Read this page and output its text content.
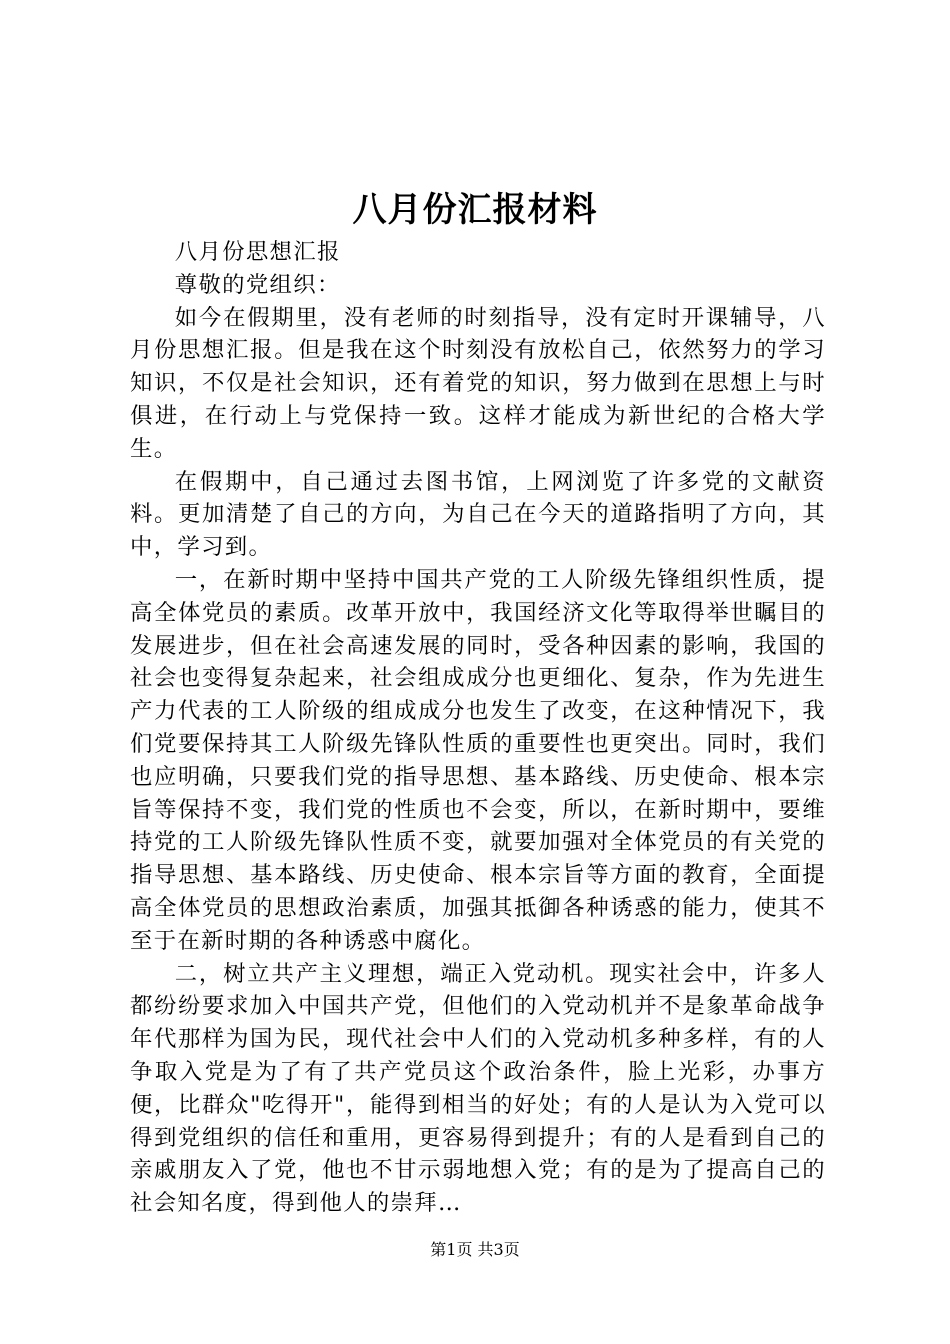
八月份汇报材料

八月份思想汇报

尊敬的党组织：

如今在假期里，没有老师的时刻指导，没有定时开课辅导，八月份思想汇报。但是我在这个时刻没有放松自己，依然努力的学习知识，不仅是社会知识，还有着党的知识，努力做到在思想上与时俱进，在行动上与党保持一致。这样才能成为新世纪的合格大学生。

在假期中，自己通过去图书馆，上网浏览了许多党的文献资料。更加清楚了自己的方向，为自己在今天的道路指明了方向，其中，学习到。

一，在新时期中坚持中国共产党的工人阶级先锋组织性质，提高全体党员的素质。改革开放中，我国经济文化等取得举世瞩目的发展进步，但在社会高速发展的同时，受各种因素的影响，我国的社会也变得复杂起来，社会组成成分也更细化、复杂，作为先进生产力代表的工人阶级的组成成分也发生了改变，在这种情况下，我们党要保持其工人阶级先锋队性质的重要性也更突出。同时，我们也应明确，只要我们党的指导思想、基本路线、历史使命、根本宗旨等保持不变，我们党的性质也不会变，所以，在新时期中，要维持党的工人阶级先锋队性质不变，就要加强对全体党员的有关党的指导思想、基本路线、历史使命、根本宗旨等方面的教育，全面提高全体党员的思想政治素质，加强其抵御各种诱惑的能力，使其不至于在新时期的各种诱惑中腐化。

二，树立共产主义理想，端正入党动机。现实社会中，许多人都纷纷要求加入中国共产党，但他们的入党动机并不是象革命战争年代那样为国为民，现代社会中人们的入党动机多种多样，有的人争取入党是为了有了共产党员这个政治条件，脸上光彩，办事方便，比群众"吃得开"，能得到相当的好处；有的人是认为入党可以得到党组织的信任和重用，更容易得到提升；有的人是看到自己的亲戚朋友入了党，他也不甘示弱地想入党；有的是为了提高自己的社会知名度，得到他人的崇拜…

第1页 共3页
